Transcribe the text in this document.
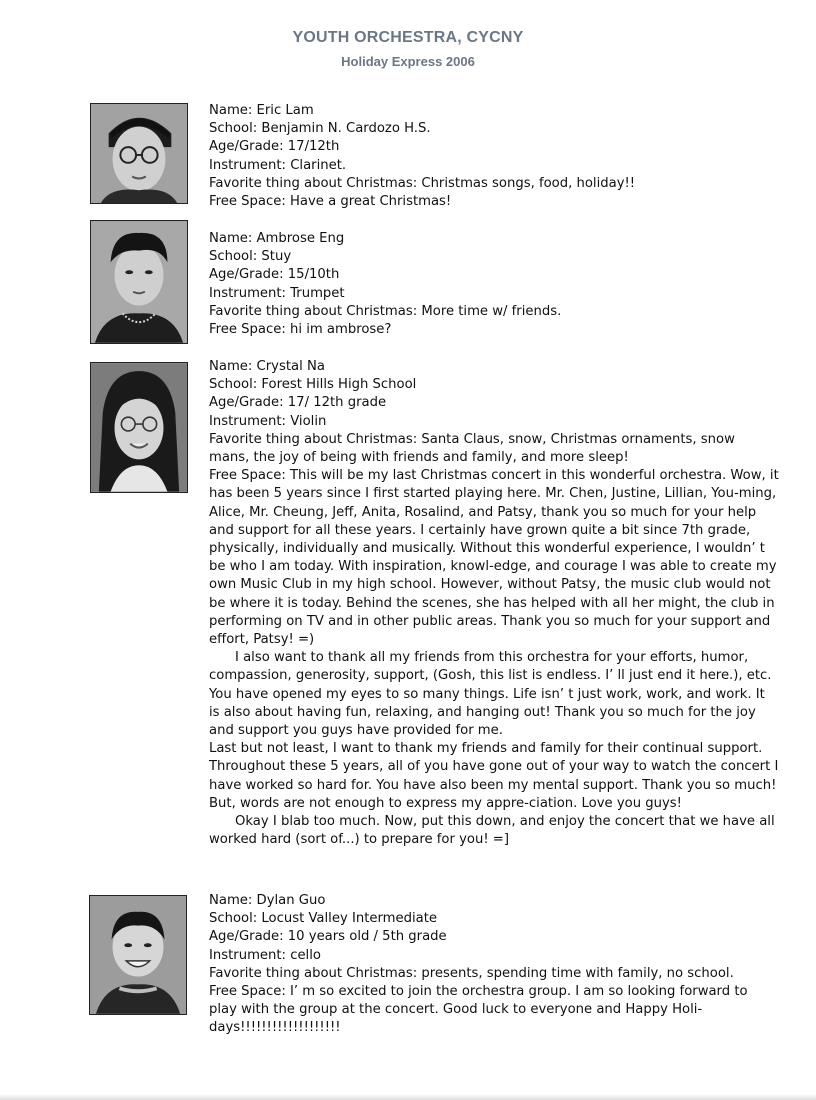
YOUTH ORCHESTRA, CYCNY
Holiday Express 2006
Name: Eric Lam
School: Benjamin N. Cardozo H.S.
Age/Grade: 17/12th
Instrument: Clarinet.
Favorite thing about Christmas: Christmas songs, food, holiday!!
Free Space: Have a great Christmas!
Name: Ambrose Eng
School: Stuy
Age/Grade: 15/10th
Instrument: Trumpet
Favorite thing about Christmas: More time w/ friends.
Free Space: hi im ambrose?
Name: Crystal Na
School: Forest Hills High School
Age/Grade: 17/ 12th grade
Instrument: Violin
Favorite thing about Christmas: Santa Claus, snow, Christmas ornaments, snow mans, the joy of being with friends and family, and more sleep!
Free Space: This will be my last Christmas concert in this wonderful orchestra. Wow, it has been 5 years since I first started playing here. Mr. Chen, Justine, Lillian, You-ming, Alice, Mr. Cheung, Jeff, Anita, Rosalind, and Patsy, thank you so much for your help and support for all these years. I certainly have grown quite a bit since 7th grade, physically, individually and musically. Without this wonderful experience, I wouldn’ t be who I am today. With inspiration, knowl-edge, and courage I was able to create my own Music Club in my high school. However, without Patsy, the music club would not be where it is today. Behind the scenes, she has helped with all her might, the club in performing on TV and in other public areas. Thank you so much for your support and effort, Patsy! =)
I also want to thank all my friends from this orchestra for your efforts, humor, compassion, generosity, support, (Gosh, this list is endless. I’ ll just end it here.), etc. You have opened my eyes to so many things. Life isn’ t just work, work, and work. It is also about having fun, relaxing, and hanging out! Thank you so much for the joy and support you guys have provided for me.
Last but not least, I want to thank my friends and family for their continual support. Throughout these 5 years, all of you have gone out of your way to watch the concert I have worked so hard for. You have also been my mental support. Thank you so much! But, words are not enough to express my appre-ciation. Love you guys!
Okay I blab too much. Now, put this down, and enjoy the concert that we have all worked hard (sort of...) to prepare for you! =]
Name: Dylan Guo
School: Locust Valley Intermediate
Age/Grade: 10 years old / 5th grade
Instrument: cello
Favorite thing about Christmas: presents, spending time with family, no school.
Free Space: I’ m so excited to join the orchestra group. I am so looking forward to play with the group at the concert. Good luck to everyone and Happy Holi-days!!!!!!!!!!!!!!!!!!!
